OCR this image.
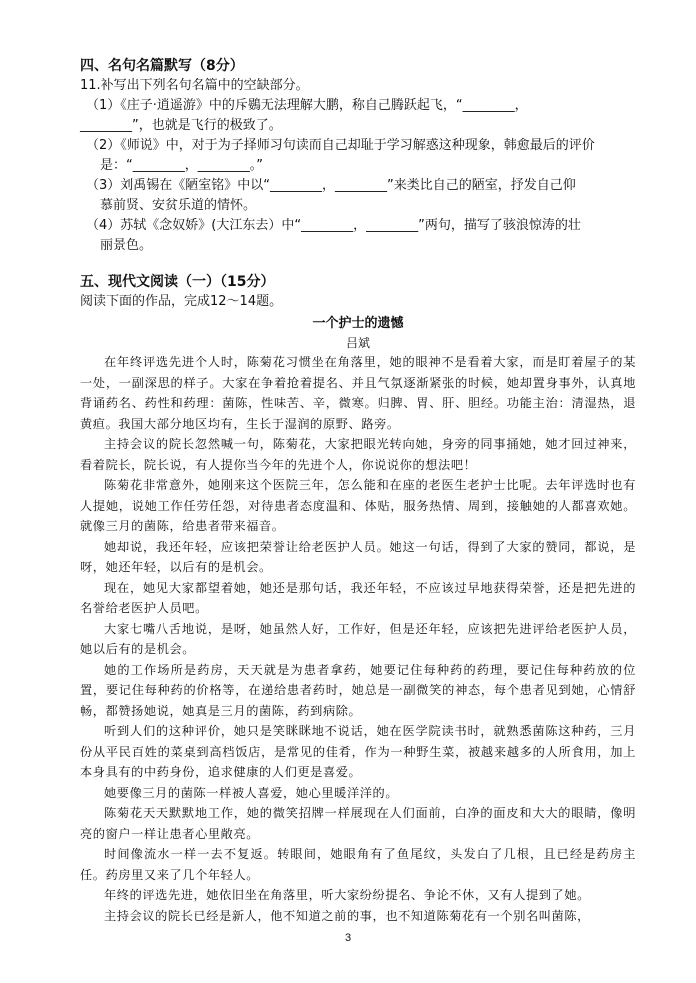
四、名句名篇默写（8分）

11.补写出下列名句名篇中的空缺部分。

（1）《庄子·逍遥游》中的斥鷃无法理解大鹏，称自己腾跃起飞，“________，

________”，也就是飞行的极致了。

（2）《师说》中，对于为子择师习句读而自己却耻于学习解惑这种现象，韩愈最后的评价

是：“________，________。”

（3）刘禹锡在《陋室铭》中以“________，________”来类比自己的陋室，抒发自己仰

慕前贤、安贫乐道的情怀。

（4）苏轼《念奴娇》(大江东去）中“________，________”两句，描写了骇浪惊涛的壮

丽景色。

五、现代文阅读（一）（15分）

阅读下面的作品，完成12～14题。

一个护士的遗憾

吕斌

在年终评选先进个人时，陈菊花习惯坐在角落里，她的眼神不是看着大家，而是盯着屋子的某一处，一副深思的样子。大家在争着抢着提名、并且气氛逐渐紧张的时候，她却置身事外，认真地背诵药名、药性和药理：菌陈，性味苦、辛，微寒。归脾、胃、肝、胆经。功能主治：清湿热，退黄疸。我国大部分地区均有，生长于湿润的原野、路旁。

主持会议的院长忽然喊一句，陈菊花，大家把眼光转向她，身旁的同事捅她，她才回过神来，看着院长，院长说，有人提你当今年的先进个人，你说说你的想法吧！

陈菊花非常意外，她刚来这个医院三年，怎么能和在座的老医生老护士比呢。去年评选时也有人提她，说她工作任劳任怨，对待患者态度温和、体贴，服务热情、周到，接触她的人都喜欢她。就像三月的菌陈，给患者带来福音。

她却说，我还年轻，应该把荣誉让给老医护人员。她这一句话，得到了大家的赞同，都说，是呀，她还年轻，以后有的是机会。

现在，她见大家都望着她，她还是那句话，我还年轻，不应该过早地获得荣誉，还是把先进的名誉给老医护人员吧。

大家七嘴八舌地说，是呀，她虽然人好，工作好，但是还年轻，应该把先进评给老医护人员，她以后有的是机会。

她的工作场所是药房，天天就是为患者拿药，她要记住每种药的药理，要记住每种药放的位置，要记住每种药的价格等，在递给患者药时，她总是一副微笑的神态，每个患者见到她，心情舒畅，都赞扬她说，她真是三月的菌陈，药到病除。

听到人们的这种评价，她只是笑眯眯地不说话，她在医学院读书时，就熟悉菌陈这种药，三月份从平民百姓的菜桌到高档饭店，是常见的佳肴，作为一种野生菜，被越来越多的人所食用，加上本身具有的中药身份，追求健康的人们更是喜爱。

她要像三月的菌陈一样被人喜爱，她心里暖洋洋的。

陈菊花天天默默地工作，她的微笑招牌一样展现在人们面前，白净的面皮和大大的眼睛，像明亮的窗户一样让患者心里敞亮。

时间像流水一样一去不复返。转眼间，她眼角有了鱼尾纹，头发白了几根，且已经是药房主任。药房里又来了几个年轻人。

年终的评选先进，她依旧坐在角落里，听大家纷纷提名、争论不休，又有人提到了她。

主持会议的院长已经是新人，他不知道之前的事，也不知道陈菊花有一个别名叫菌陈，

3
